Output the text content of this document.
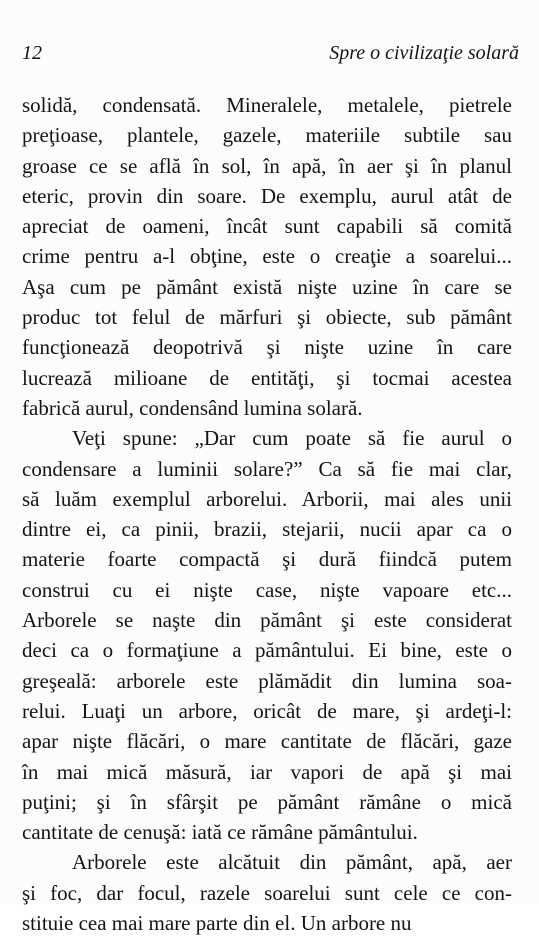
12	Spre o civilizaţie solară
solidă, condensată. Mineralele, metalele, pietrele
preţioase, plantele, gazele, materiile subtile sau
groase ce se află în sol, în apă, în aer şi în planul
eteric, provin din soare. De exemplu, aurul atât de
apreciat de oameni, încât sunt capabili să comită
crime pentru a-l obţine, este o creaţie a soarelui...
Aşa cum pe pământ există nişte uzine în care se
produc tot felul de mărfuri şi obiecte, sub pământ
funcţionează deopotrivă şi nişte uzine în care
lucrează milioane de entităţi, şi tocmai acestea
fabrică aurul, condensând lumina solară.
Veţi spune: „Dar cum poate să fie aurul o
condensare a luminii solare?” Ca să fie mai clar,
să luăm exemplul arborelui. Arborii, mai ales unii
dintre ei, ca pinii, brazii, stejarii, nucii apar ca o
materie foarte compactă şi dură fiindcă putem
construi cu ei nişte case, nişte vapoare etc...
Arborele se naşte din pământ şi este considerat
deci ca o formaţiune a pământului. Ei bine, este o
greşeală: arborele este plămădit din lumina soa-
relui. Luaţi un arbore, oricât de mare, şi ardeţi-l:
apar nişte flăcări, o mare cantitate de flăcări, gaze
în mai mică măsură, iar vapori de apă şi mai
puţini; şi în sfârşit pe pământ rămâne o mică
cantitate de cenuşă: iată ce rămâne pământului.
Arborele este alcătuit din pământ, apă, aer
şi foc, dar focul, razele soarelui sunt cele ce con-
stituie cea mai mare parte din el. Un arbore nu
